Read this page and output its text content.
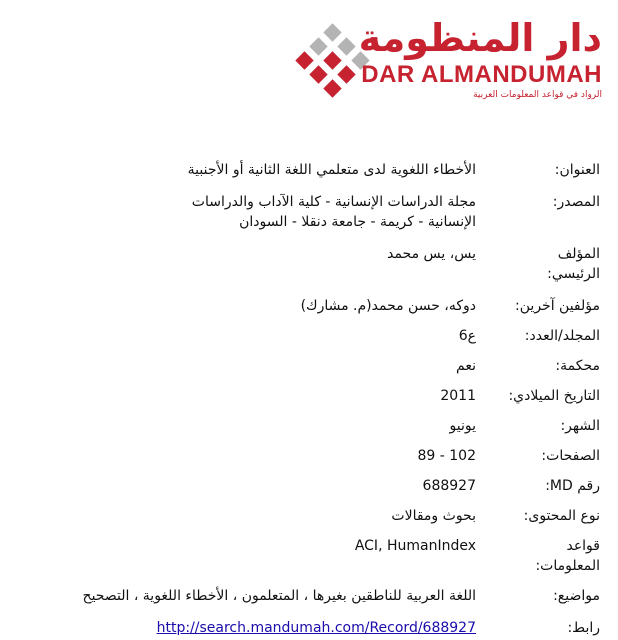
دار المنظومة
DAR ALMANDUMAH
الرواد في قواعد المعلومات العربية
العنوان:
الأخطاء اللغوية لدى متعلمي اللغة الثانية أو الأجنبية
المصدر:
مجلة الدراسات الإنسانية - كلية الآداب والدراسات الإنسانية - كريمة - جامعة دنقلا - السودان
المؤلف الرئيسي:
يس، يس محمد
مؤلفين آخرين:
دوكه، حسن محمد(م. مشارك)
المجلد/العدد:
ع6
محكمة:
نعم
التاريخ الميلادي:
2011
الشهر:
يونيو
الصفحات:
89 - 102
رقم MD:
688927
نوع المحتوى:
بحوث ومقالات
قواعد المعلومات:
ACI, HumanIndex
مواضيع:
اللغة العربية للناطقين بغيرها ، المتعلمون ، الأخطاء اللغوية ، التصحيح
رابط:
http://search.mandumah.com/Record/688927
